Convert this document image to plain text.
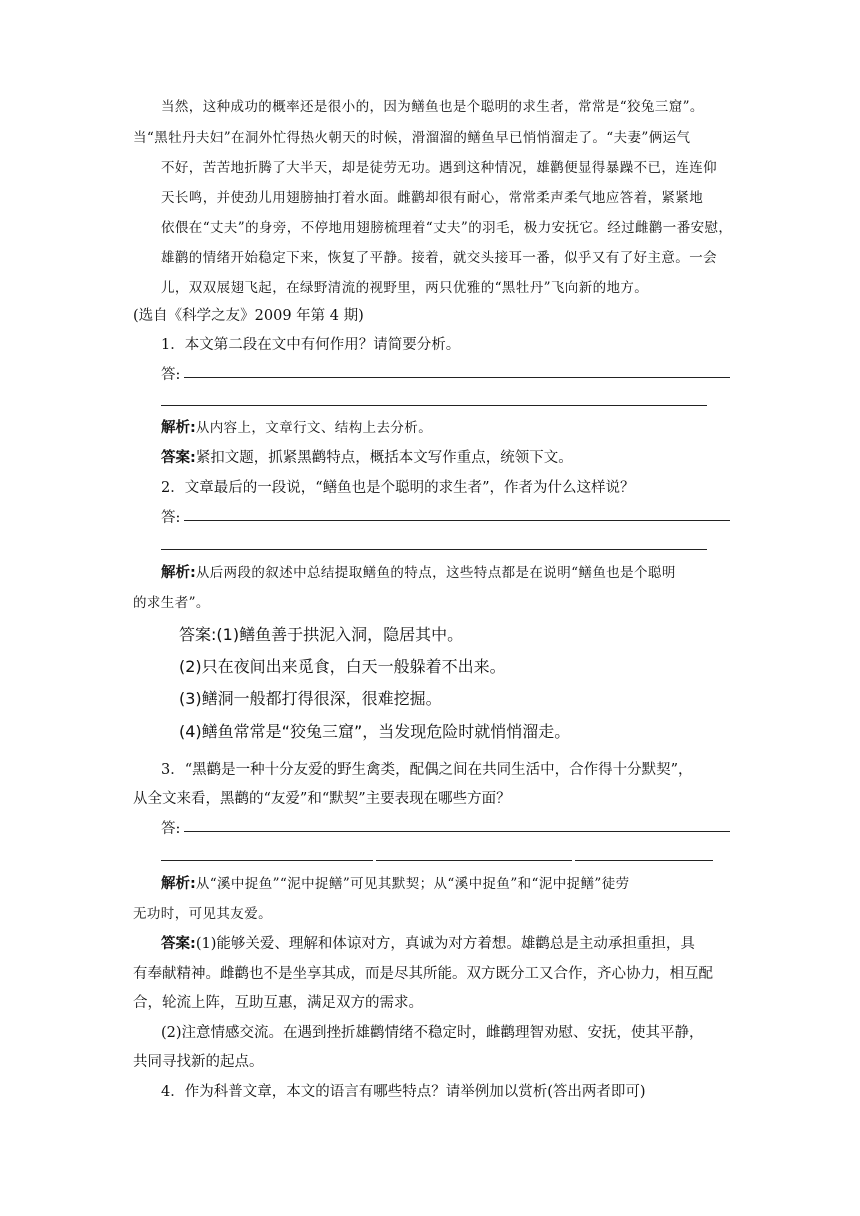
当然，这种成功的概率还是很小的，因为鳝鱼也是个聪明的求生者，常常是“狡兔三窟”。
当“黑牡丹夫妇”在洞外忙得热火朝天的时候，滑溜溜的鳝鱼早已悄悄溜走了。“夫妻”俩运气
不好，苦苦地折腾了大半天，却是徒劳无功。遇到这种情况，雄鹳便显得暴躁不已，连连仰
天长鸣，并使劲儿用翅膀抽打着水面。雌鹳却很有耐心，常常柔声柔气地应答着，紧紧地
依偎在“丈夫”的身旁，不停地用翅膀梳理着“丈夫”的羽毛，极力安抚它。经过雌鹳一番安慰，
雄鹳的情绪开始稳定下来，恢复了平静。接着，就交头接耳一番，似乎又有了好主意。一会
儿，双双展翅飞起，在绿野清流的视野里，两只优雅的“黑牡丹”飞向新的地方。
(选自《科学之友》2009 年第 4 期)
1．本文第二段在文中有何作用？请简要分析。
答:
解析:从内容上，文章行文、结构上去分析。
答案:紧扣文题，抓紧黑鹳特点，概括本文写作重点，统领下文。
2．文章最后的一段说，“鳝鱼也是个聪明的求生者”，作者为什么这样说？
答:
解析:从后两段的叙述中总结提取鳝鱼的特点，这些特点都是在说明“鳝鱼也是个聪明
的求生者”。
答案:(1)鳝鱼善于拱泥入洞，隐居其中。
(2)只在夜间出来觅食，白天一般躲着不出来。
(3)鳝洞一般都打得很深，很难挖掘。
(4)鳝鱼常常是“狡兔三窟”，当发现危险时就悄悄溜走。
3．“黑鹳是一种十分友爱的野生禽类，配偶之间在共同生活中，合作得十分默契”，
从全文来看，黑鹳的“友爱”和“默契”主要表现在哪些方面？
答:
解析:从“溪中捉鱼”“泥中捉鳝”可见其默契；从“溪中捉鱼”和“泥中捉鳝”徒劳
无功时，可见其友爱。
答案:(1)能够关爱、理解和体谅对方，真诚为对方着想。雄鹳总是主动承担重担，具
有奉献精神。雌鹳也不是坐享其成，而是尽其所能。双方既分工又合作，齐心协力，相互配
合，轮流上阵，互助互惠，满足双方的需求。
(2)注意情感交流。在遇到挫折雄鹳情绪不稳定时，雌鹳理智劝慰、安抚，使其平静，
共同寻找新的起点。
4．作为科普文章，本文的语言有哪些特点？请举例加以赏析(答出两者即可)
